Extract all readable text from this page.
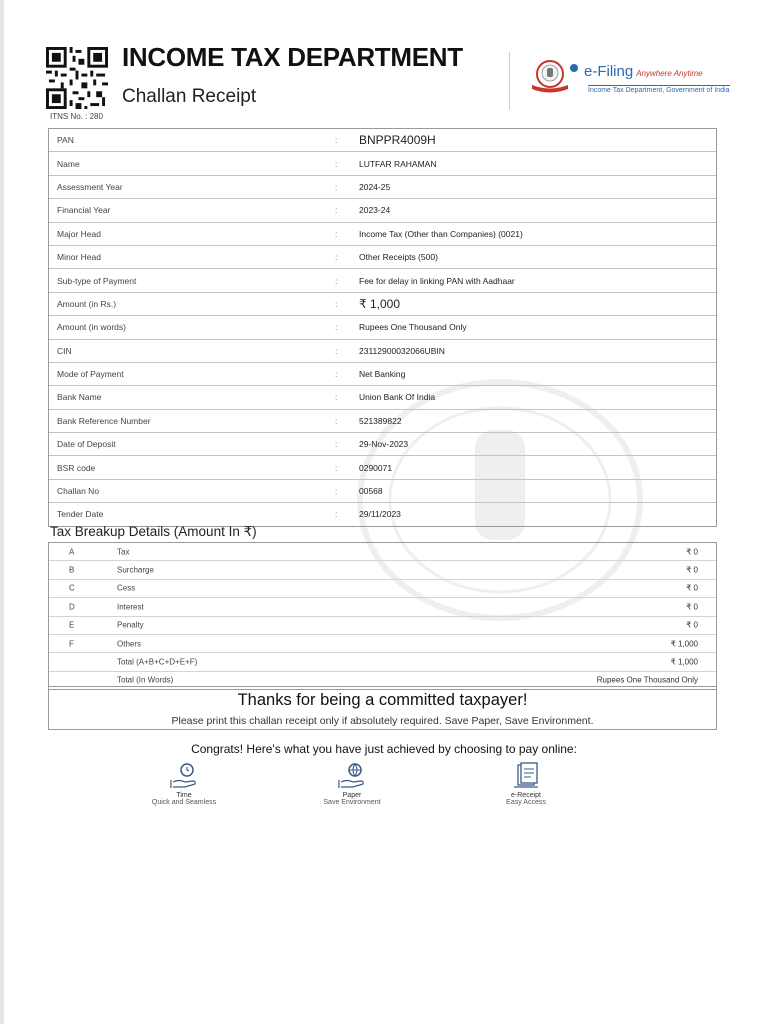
INCOME TAX DEPARTMENT
Challan Receipt
ITNS No. : 280
e-Filing Anywhere Anytime
Income Tax Department, Government of India
PAN	: BNPPR4009H
Name	:	LUTFAR RAHAMAN
Assessment Year	:	2024-25
Financial Year	:	2023-24
Major Head	:	Income Tax (Other than Companies) (0021)
Minor Head	:	Other Receipts (500)
Sub-type of Payment	:	Fee for delay in linking PAN with Aadhaar
Amount (in Rs.)	: ₹ 1,000
Amount (in words)	:	Rupees One Thousand Only
CIN	:	23112900032066UBIN
Mode of Payment	:	Net Banking
Bank Name	:	Union Bank Of India
Bank Reference Number	:	521389822
Date of Deposit	:	29-Nov-2023
BSR code	:	0290071
Challan No	:	00568
Tender Date	:	29/11/2023
Tax Breakup Details (Amount In ₹)
A	Tax	₹ 0
B	Surcharge	₹ 0
C	Cess	₹ 0
D	Interest	₹ 0
E	Penalty	₹ 0
F	Others	₹ 1,000
Total (A+B+C+D+E+F)	₹ 1,000
Total (In Words)	Rupees One Thousand Only
Thanks for being a committed taxpayer!
Please print this challan receipt only if absolutely required. Save Paper, Save Environment.
Congrats! Here's what you have just achieved by choosing to pay online:
Time
Quick and Seamless
Paper
Save Environment
e-Receipt
Easy Access
